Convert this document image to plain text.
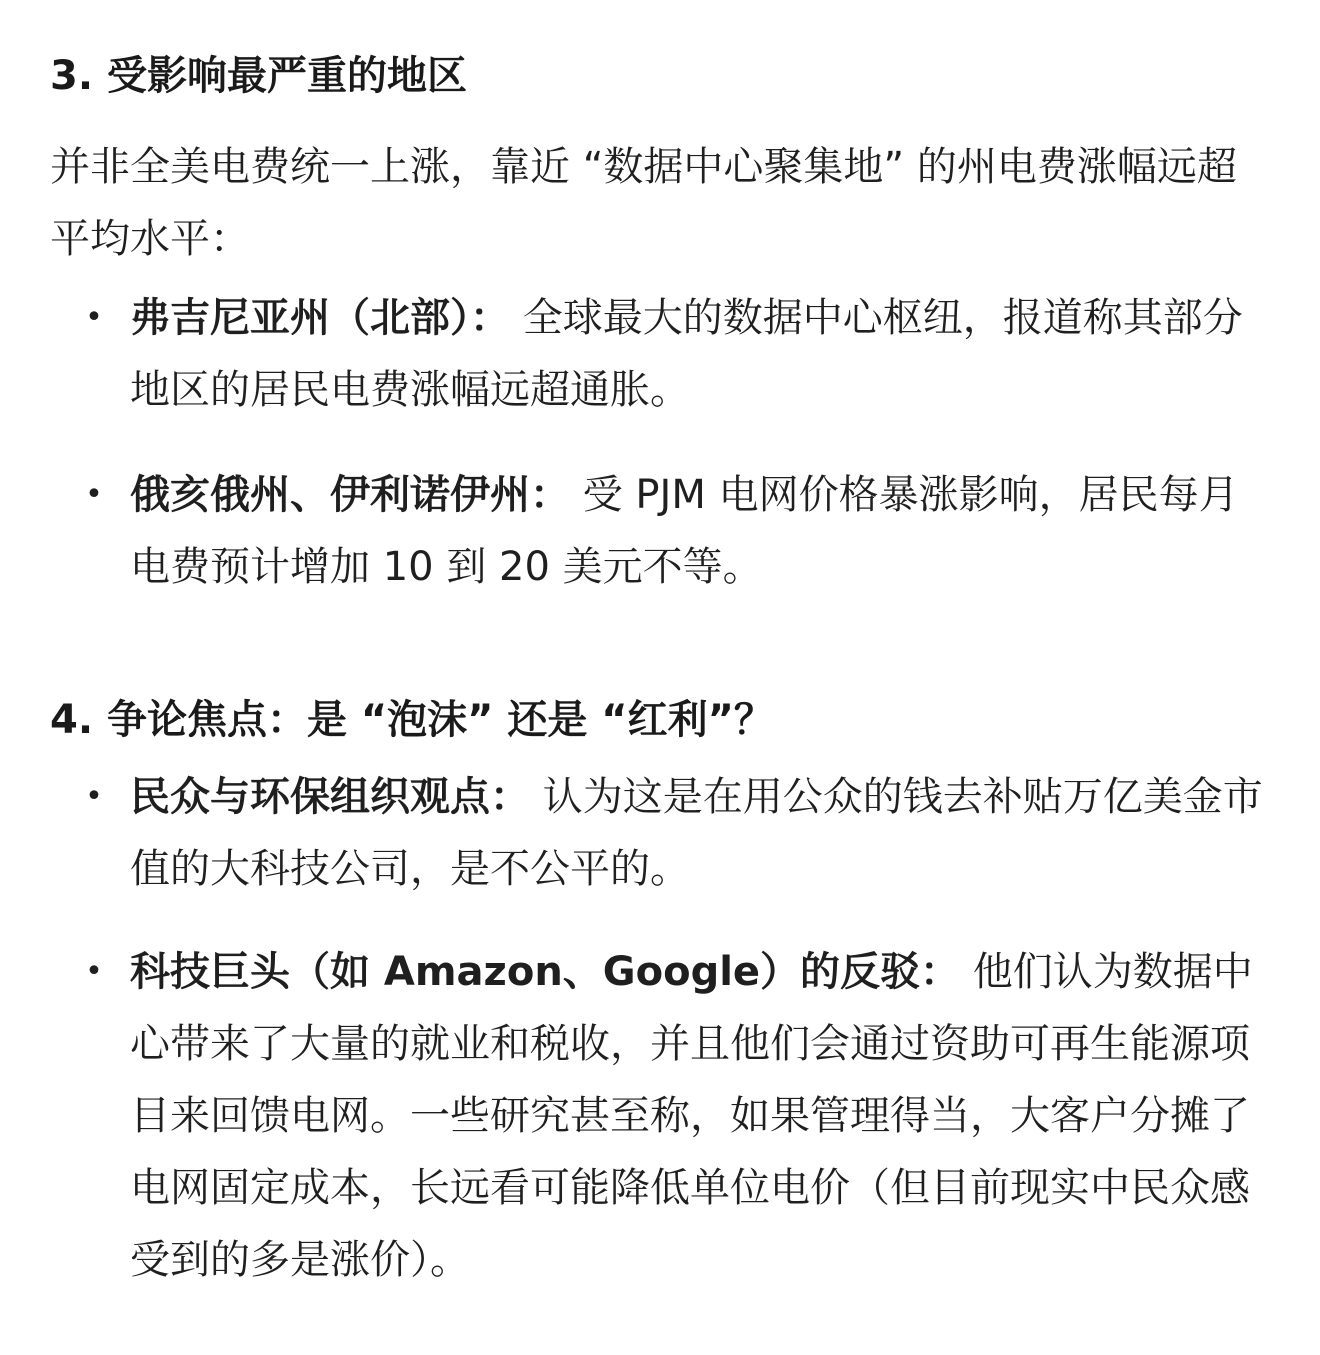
3. 受影响最严重的地区

并非全美电费统一上涨，靠近 “数据中心聚集地” 的州电费涨幅远超平均水平：

• 弗吉尼亚州（北部）： 全球最大的数据中心枢纽，报道称其部分地区的居民电费涨幅远超通胀。
• 俄亥俄州、伊利诺伊州： 受 PJM 电网价格暴涨影响，居民每月电费预计增加 10 到 20 美元不等。
4. 争论焦点：是 “泡沫” 还是 “红利”？
• 民众与环保组织观点： 认为这是在用公众的钱去补贴万亿美金市值的大科技公司，是不公平的。
• 科技巨头（如 Amazon、Google）的反驳： 他们认为数据中心带来了大量的就业和税收，并且他们会通过资助可再生能源项目来回馈电网。一些研究甚至称，如果管理得当，大客户分摊了电网固定成本，长远看可能降低单位电价（但目前现实中民众感受到的多是涨价）。
